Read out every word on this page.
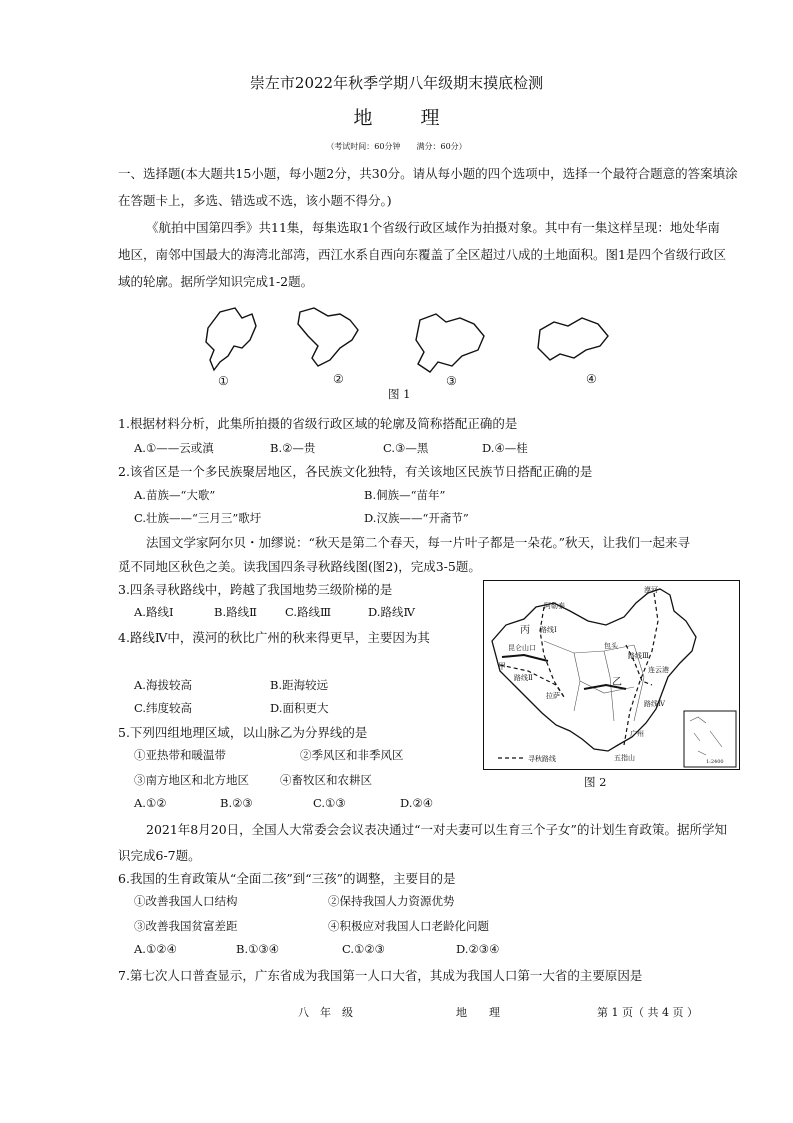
崇左市2022年秋季学期八年级期末摸底检测
地理
（考试时间：60分钟　　满分：60分）
一、选择题(本大题共15小题，每小题2分，共30分。请从每小题的四个选项中，选择一个最符合题意的答案填涂
在答题卡上，多选、错选或不选，该小题不得分。)
《航拍中国第四季》共11集，每集选取1个省级行政区域作为拍摄对象。其中有一集这样呈现：地处华南
地区，南邻中国最大的海湾北部湾，西江水系自西向东覆盖了全区超过八成的土地面积。图1是四个省级行政区
域的轮廓。据所学知识完成1-2题。
①	②	③	④
图 1
1.根据材料分析，此集所拍摄的省级行政区域的轮廓及简称搭配正确的是
A.①——云或滇	B.②—贵	C.③—黑	D.④—桂
2.该省区是一个多民族聚居地区，各民族文化独特，有关该地区民族节日搭配正确的是
A.苗族—“大歌”	B.侗族—“苗年”
C.壮族——“三月三”歌圩	D.汉族——“开斋节”
法国文学家阿尔贝・加缪说：“秋天是第二个春天，每一片叶子都是一朵花。”秋天，让我们一起来寻
觅不同地区秋色之美。读我国四条寻秋路线图(图2)，完成3-5题。
3.四条寻秋路线中，跨越了我国地势三级阶梯的是
A.路线Ⅰ	B.路线Ⅱ C.路线Ⅲ	D.路线Ⅳ
4.路线Ⅳ中，漠河的秋比广州的秋来得更早，主要因为其
A.海拔较高	B.距海较远
C.纬度较高	D.面积更大
5.下列四组地理区域，以山脉乙为分界线的是
①亚热带和暖温带	②季风区和非季风区
③南方地区和北方地区	④畜牧区和农耕区
A.①②	B.②③	C.①③	D.②④
漠河
阿勒泰
丙
昆仑山口
甲
包头
连云港
乙
拉萨
广州
五指山
路线Ⅰ
路线Ⅱ
路线Ⅲ
路线Ⅳ
寻秋路线	1:2400
图 2
2021年8月20日，全国人大常委会会议表决通过“一对夫妻可以生育三个子女”的计划生育政策。据所学知
识完成6-7题。
6.我国的生育政策从“全面二孩”到“三孩”的调整，主要目的是
①改善我国人口结构	②保持我国人力资源优势
③改善我国贫富差距	④积极应对我国人口老龄化问题
A.①②④	B.①③④	C.①②③	D.②③④
7.第七次人口普查显示，广东省成为我国第一人口大省，其成为我国人口第一大省的主要原因是
八　年　级	地　　理	第 1 页（ 共 4 页 ）
